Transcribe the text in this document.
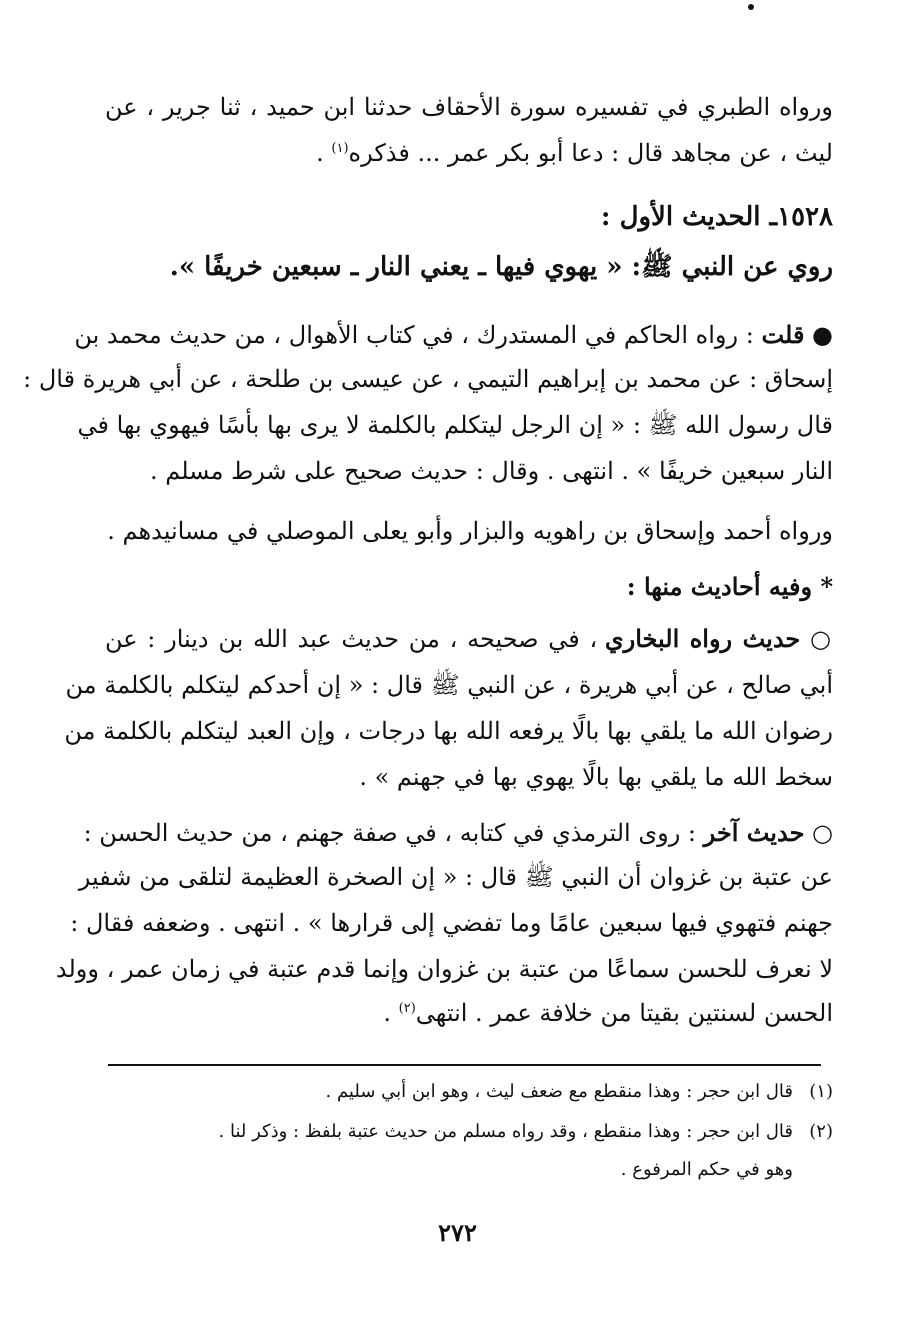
ورواه الطبري في تفسيره سورة الأحقاف حدثنا ابن حميد ، ثنا جرير ، عن
ليث ، عن مجاهد قال : دعا أبو بكر عمر ... فذكره$^{(١)}$ .
١٥٢٨ـ الحديث الأول :
روي عن النبي ﷺ: « يهوي فيها ـ يعني النار ـ سبعين خريفًا ».
● قلت : رواه الحاكم في المستدرك ، في كتاب الأهوال ، من حديث محمد بن
إسحاق : عن محمد بن إبراهيم التيمي ، عن عيسى بن طلحة ، عن أبي هريرة قال :
قال رسول الله ﷺ : « إن الرجل ليتكلم بالكلمة لا يرى بها بأسًا فيهوي بها في
النار سبعين خريفًا » . انتهى . وقال : حديث صحيح على شرط مسلم .
ورواه أحمد وإسحاق بن راهويه والبزار وأبو يعلى الموصلي في مسانيدهم .
* وفيه أحاديث منها :
○ حديث رواه البخاري ، في صحيحه ، من حديث عبد الله بن دينار : عن
أبي صالح ، عن أبي هريرة ، عن النبي ﷺ قال : « إن أحدكم ليتكلم بالكلمة من
رضوان الله ما يلقي بها بالًا يرفعه الله بها درجات ، وإن العبد ليتكلم بالكلمة من
سخط الله ما يلقي بها بالًا يهوي بها في جهنم » .
○ حديث آخر : روى الترمذي في كتابه ، في صفة جهنم ، من حديث الحسن :
عن عتبة بن غزوان أن النبي ﷺ قال : « إن الصخرة العظيمة لتلقى من شفير
جهنم فتهوي فيها سبعين عامًا وما تفضي إلى قرارها » . انتهى . وضعفه فقال :
لا نعرف للحسن سماعًا من عتبة بن غزوان وإنما قدم عتبة في زمان عمر ، وولد
الحسن لسنتين بقيتا من خلافة عمر . انتهى$^{(٢)}$ .
(١)قال ابن حجر : وهذا منقطع مع ضعف ليث ، وهو ابن أبي سليم .
(٢)قال ابن حجر : وهذا منقطع ، وقد رواه مسلم من حديث عتبة بلفظ : وذكر لنا .
وهو في حكم المرفوع .
٢٧٢
